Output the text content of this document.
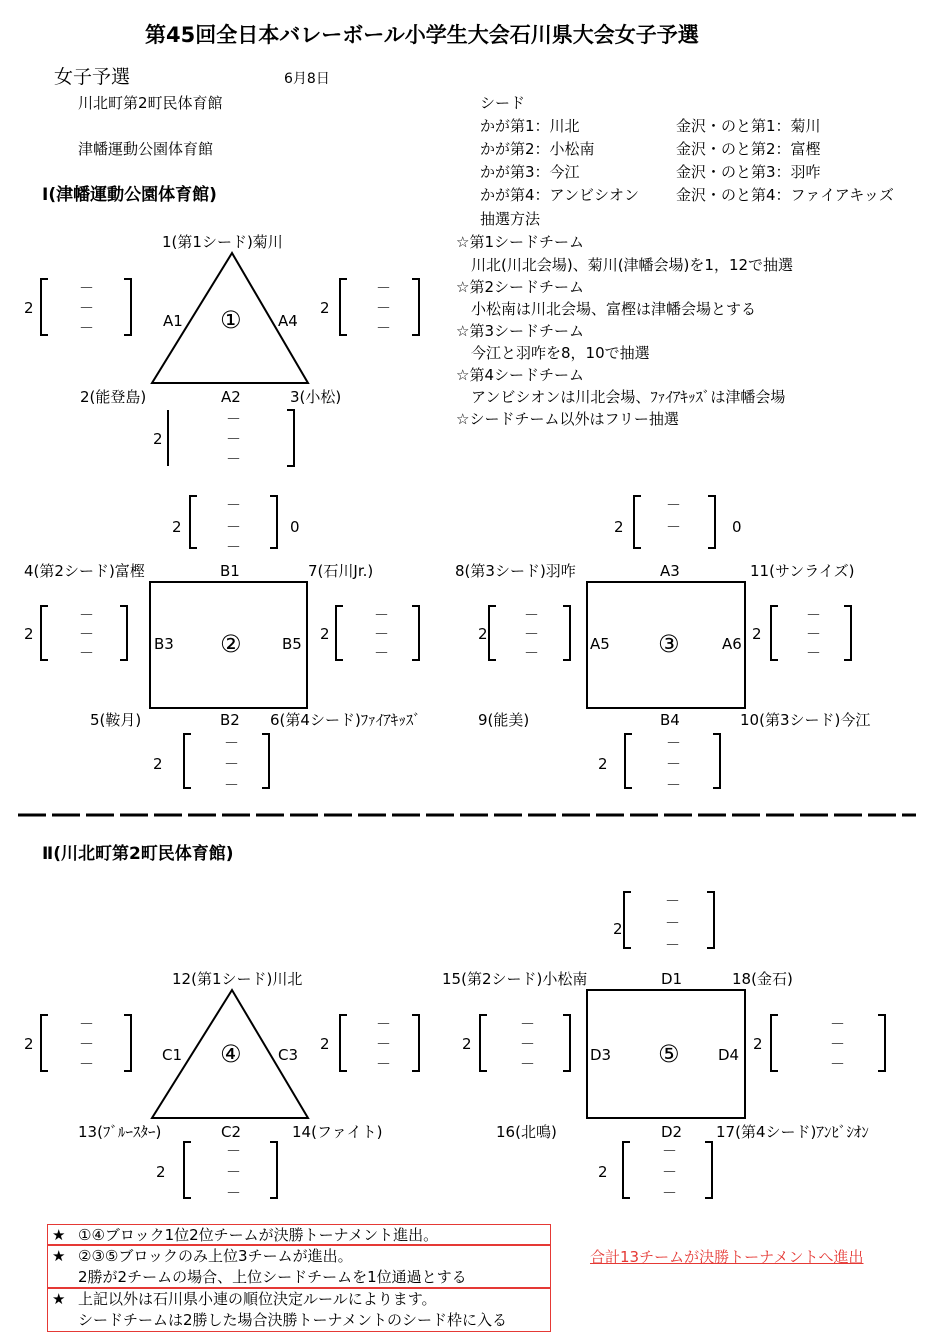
第45回全日本バレーボール小学生大会石川県大会女子予選
女子予選	6月8日
川北町第2町民体育館
津幡運動公園体育館
シード
かが第1：川北	金沢・のと第1：菊川
かが第2：小松南	金沢・のと第2：富樫
かが第3：今江	金沢・のと第3：羽咋
かが第4：アンビシオン 金沢・のと第4：ファイアキッズ
抽選方法
☆第1シードチーム
　川北(川北会場)、菊川(津幡会場)を1，12で抽選
☆第2シードチーム
　小松南は川北会場、富樫は津幡会場とする
☆第3シードチーム
　今江と羽咋を8，10で抽選
☆第4シードチーム
　アンビシオンは川北会場、ﾌｧｲｱｷｯｽﾞは津幡会場
☆シードチーム以外はフリー抽選
Ⅰ(津幡運動公園体育館)
1(第1シード)菊川
2(能登島)	3(小松)
A1	A4
A2
①
4(第2シード)富樫	7(石川Jr.)
5(鞍月)	6(第4シード)ﾌｧｲｱｷｯｽﾞ
B1
B3	B5
B2
②
8(第3シード)羽咋	11(サンライズ)
9(能美)	10(第3シード)今江
A3
A5	A6
B4
③
Ⅱ(川北町第2町民体育館)
12(第1シード)川北
13(ﾌﾞﾙｰｽﾀｰ)	14(ファイト)
C1	C3
C2
④
15(第2シード)小松南	18(金石)
16(北鳴)	17(第4シード)ｱﾝﾋﾞｼｵﾝ
D1
D3	D4
D2
⑤
2
－
－
－
2
－
－
－
2
－
－
－
2	0
－
－
－
2
－
－
－
2
－
－
－
2
－
－
－
2	0
－
－
2
－
－
－
2
－
－
－
2
－
－
－
2
－
－
－
2
－
－
－
2
－
－
－
2
－
－
－
2
－
－
－
2
－
－
－
2
－
－
－
★ ①④ブロック1位2位チームが決勝トーナメント進出。
★ ②③⑤ブロックのみ上位3チームが進出。
2勝が2チームの場合、上位シードチームを1位通過とする
★ 上記以外は石川県小連の順位決定ルールによります。
シードチームは2勝した場合決勝トーナメントのシード枠に入る
合計13チームが決勝トーナメントへ進出
